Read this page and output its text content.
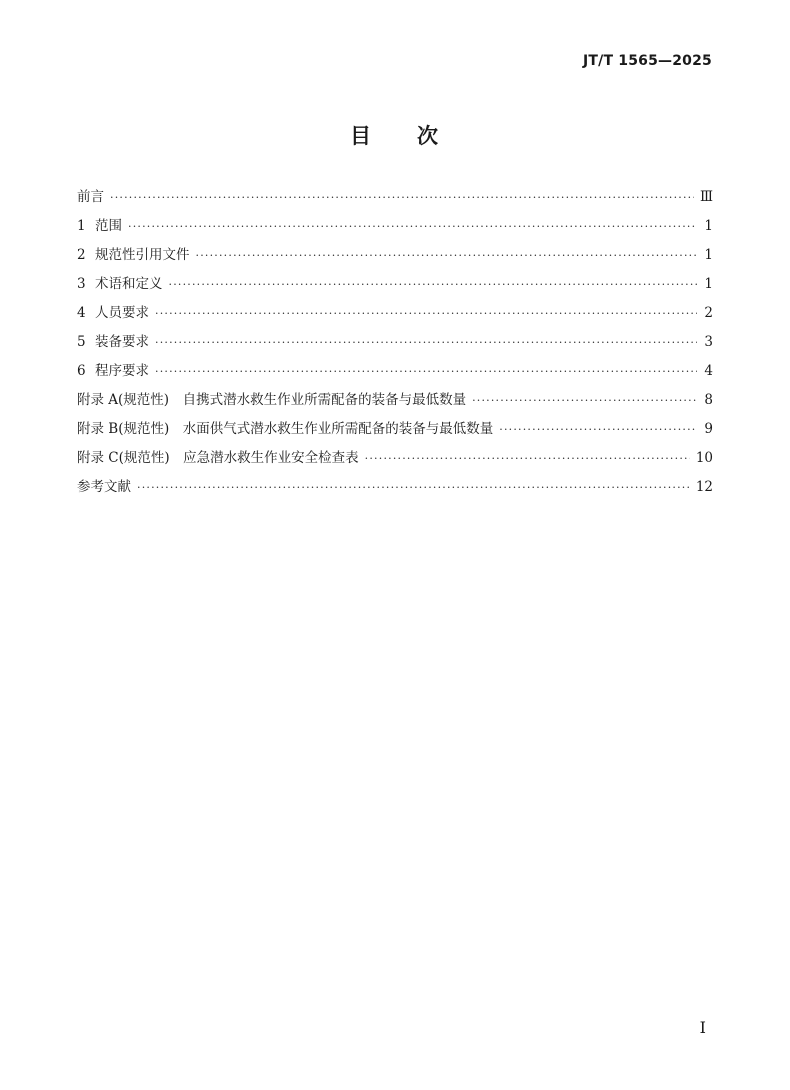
JT/T 1565—2025
目 次
前言 ·····	Ⅲ
1 范围 ·····	1
2 规范性引用文件 ·····	1
3 术语和定义 ·····	1
4 人员要求 ·····	2
5 装备要求 ·····	3
6 程序要求 ·····	4
附录 A(规范性)　自携式潜水救生作业所需配备的装备与最低数量 ·····	8
附录 B(规范性)　水面供气式潜水救生作业所需配备的装备与最低数量 ·····	9
附录 C(规范性)　应急潜水救生作业安全检查表 ·····	10
参考文献 ·····	12
I
